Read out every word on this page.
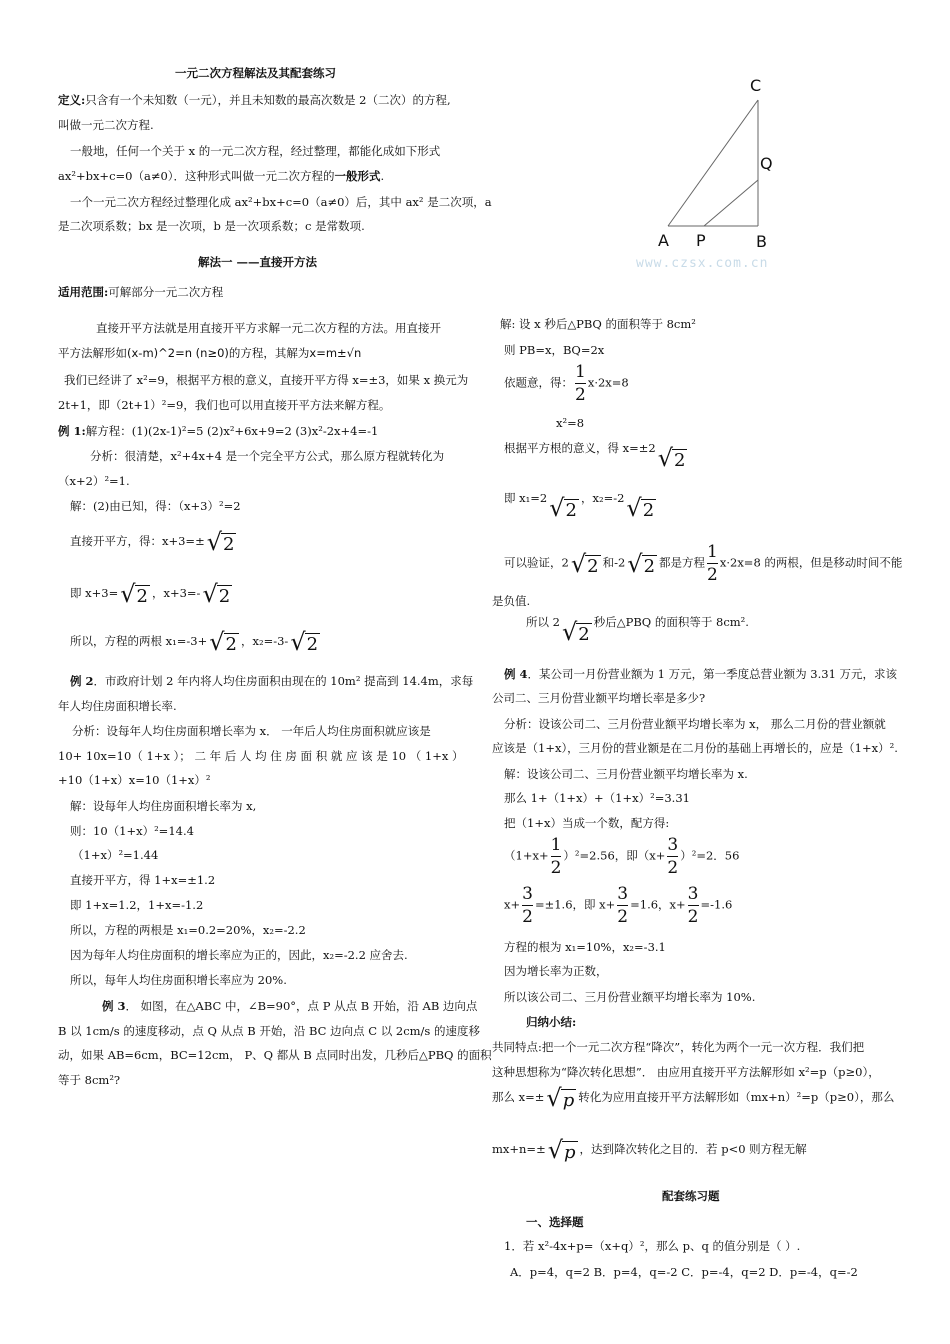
一元二次方程解法及其配套练习
定义:只含有一个未知数（一元），并且未知数的最高次数是 2（二次）的方程,
叫做一元二次方程.
一般地，任何一个关于 x 的一元二次方程，经过整理，都能化成如下形式
ax²+bx+c=0（a≠0）．这种形式叫做一元二次方程的一般形式.
一个一元二次方程经过整理化成 ax²+bx+c=0（a≠0）后，其中 ax² 是二次项，a
是二次项系数；bx 是一次项，b 是一次项系数；c 是常数项.
解法一 ——直接开方法
适用范围:可解部分一元二次方程
直接开平方法就是用直接开平方求解一元二次方程的方法。用直接开
平方法解形如(x-m)^2=n (n≥0)的方程，其解为x=m±√n
我们已经讲了 x²=9，根据平方根的意义，直接开平方得 x=±3，如果 x 换元为
2t+1，即（2t+1）²=9，我们也可以用直接开平方法来解方程。
例 1:解方程：(1)(2x-1)²=5 (2)x²+6x+9=2 (3)x²-2x+4=-1
分析：很清楚，x²+4x+4 是一个完全平方公式，那么原方程就转化为
（x+2）²=1.
解：(2)由已知，得：（x+3）²=2
直接开平方，得：x+3=±√2
即 x+3=√2 ，x+3=-√2
所以，方程的两根 x₁=-3+√2 ，x₂=-3-√2
例 2．市政府计划 2 年内将人均住房面积由现在的 10m² 提高到 14.4m，求每
年人均住房面积增长率.
分析：设每年人均住房面积增长率为 x． 一年后人均住房面积就应该是
10+ 10x=10（ 1+x ）； 二 年 后 人 均 住 房 面 积 就 应 该 是 10 （ 1+x ）
+10（1+x）x=10（1+x）²
解：设每年人均住房面积增长率为 x,
则：10（1+x）²=14.4
（1+x）²=1.44
直接开平方，得 1+x=±1.2
即 1+x=1.2，1+x=-1.2
所以，方程的两根是 x₁=0.2=20%，x₂=-2.2
因为每年人均住房面积的增长率应为正的，因此，x₂=-2.2 应舍去.
所以，每年人均住房面积增长率应为 20%.
例 3． 如图，在△ABC 中，∠B=90°，点 P 从点 B 开始，沿 AB 边向点
B 以 1cm/s 的速度移动，点 Q 从点 B 开始，沿 BC 边向点 C 以 2cm/s 的速度移
动，如果 AB=6cm，BC=12cm， P、Q 都从 B 点同时出发，几秒后△PBQ 的面积
等于 8cm²?
C
Q
A P	B
www.czsx.com.cn
解: 设 x 秒后△PBQ 的面积等于 8cm²
则 PB=x，BQ=2x
依题意，得： $\frac{1}{2} x\cdot 2x=8$
x²=8
根据平方根的意义，得 x=±2√2
即 x₁=2√2，x₂=-2√2
可以验证，2√2 和-2√2 都是方程 $\frac{1}{2} x\cdot 2x=8$ 的两根，但是移动时间不能
是负值.
所以 2√2秒后△PBQ 的面积等于 8cm².
例 4．某公司一月份营业额为 1 万元，第一季度总营业额为 3.31 万元，求该
公司二、三月份营业额平均增长率是多少?
分析：设该公司二、三月份营业额平均增长率为 x， 那么二月份的营业额就
应该是（1+x），三月份的营业额是在二月份的基础上再增长的，应是（1+x）².
解：设该公司二、三月份营业额平均增长率为 x.
那么 1+（1+x）+（1+x）²=3.31
把（1+x）当成一个数，配方得:
$(1+x+ \frac{1}{2} )^2=2.56$，即$(x+ \frac{3}{2} )^2=2$．56
$x+ \frac{3}{2} =\pm 1.6$，即 $x+ \frac{3}{2} =1.6$，$x+ \frac{3}{2} =-1.6$
方程的根为 x₁=10%，x₂=-3.1
因为增长率为正数，
所以该公司二、三月份营业额平均增长率为 10%.
归纳小结:
共同特点:把一个一元二次方程“降次”，转化为两个一元一次方程．我们把
这种思想称为“降次转化思想”． 由应用直接开平方法解形如 x²=p（p≥0），
那么 x=±√p 转化为应用直接开平方法解形如（mx+n）²=p（p≥0），那么
mx+n=±√p ，达到降次转化之目的．若 p<0 则方程无解
配套练习题
一、选择题
1．若 x²-4x+p=（x+q）²，那么 p、q 的值分别是（ ）.
A．p=4，q=2 B．p=4，q=-2 C．p=-4，q=2 D．p=-4，q=-2
